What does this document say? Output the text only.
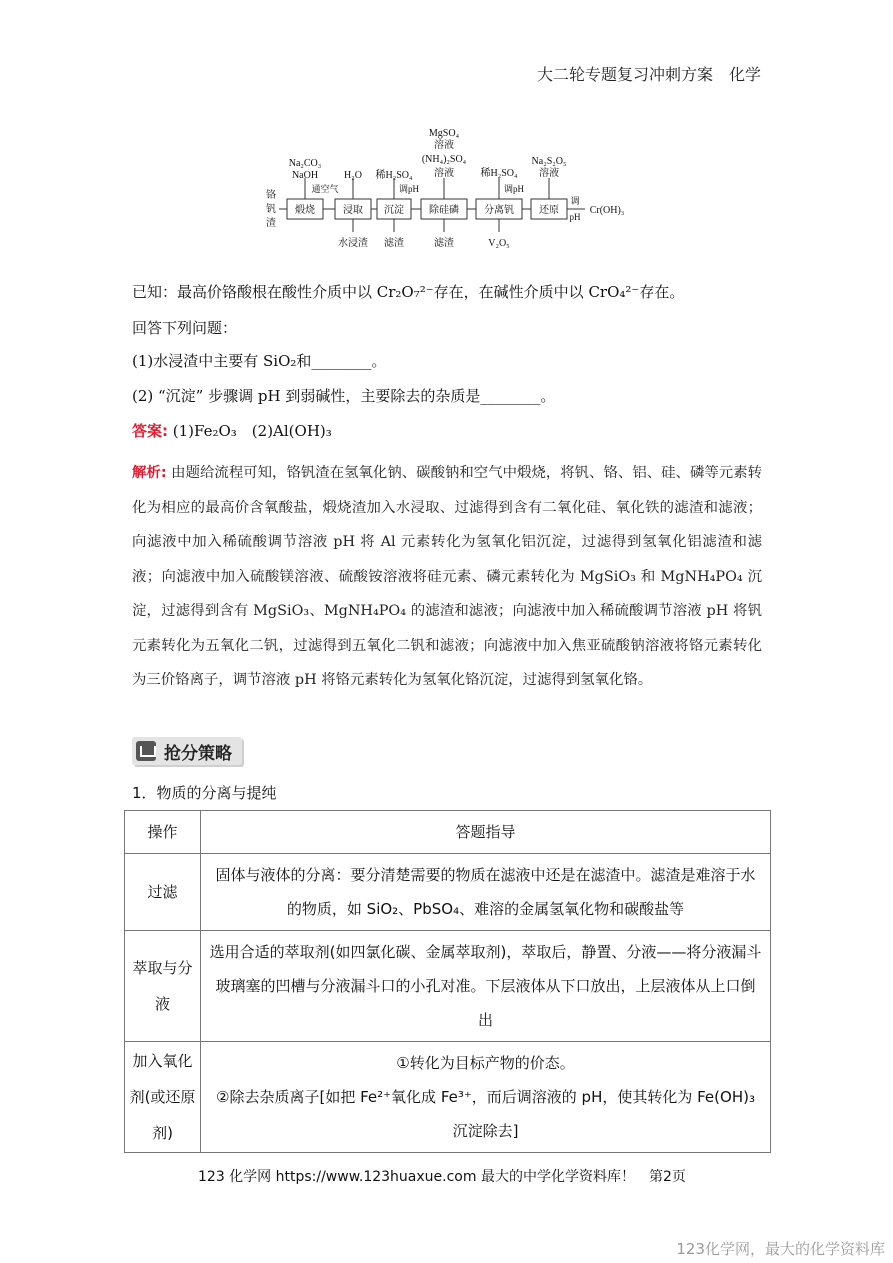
大二轮专题复习冲刺方案　化学
铬
钒
渣
煅烧	浸取 沉淀	除硅磷	分离钒	还原
Na₂CO₃
NaOH
通空气
H₂O 稀H₂SO₄
调pH
MgSO₄
溶液
(NH₄)₂SO₄
溶液	稀H₂SO₄
调pH
Na₂S₂O₅
溶液
调
pH
Cr(OH)₃
水浸渣 滤渣	滤渣	V₂O₅
已知：最高价铬酸根在酸性介质中以 Cr₂O₇²⁻存在，在碱性介质中以 CrO₄²⁻存在。
回答下列问题：
(1)水浸渣中主要有 SiO₂和________。
(2) “沉淀” 步骤调 pH 到弱碱性，主要除去的杂质是________。
答案: (1)Fe₂O₃　(2)Al(OH)₃
解析: 由题给流程可知，铬钒渣在氢氧化钠、碳酸钠和空气中煅烧，将钒、铬、铝、硅、磷等元素转化为相应的最高价含氧酸盐，煅烧渣加入水浸取、过滤得到含有二氧化硅、氧化铁的滤渣和滤液；向滤液中加入稀硫酸调节溶液 pH 将 Al 元素转化为氢氧化铝沉淀，过滤得到氢氧化铝滤渣和滤液；向滤液中加入硫酸镁溶液、硫酸铵溶液将硅元素、磷元素转化为 MgSiO₃ 和 MgNH₄PO₄ 沉淀，过滤得到含有 MgSiO₃、MgNH₄PO₄ 的滤渣和滤液；向滤液中加入稀硫酸调节溶液 pH 将钒元素转化为五氧化二钒，过滤得到五氧化二钒和滤液；向滤液中加入焦亚硫酸钠溶液将铬元素转化为三价铬离子，调节溶液 pH 将铬元素转化为氢氧化铬沉淀，过滤得到氢氧化铬。
抢分策略
1．物质的分离与提纯
操作	答题指导
过滤	固体与液体的分离：要分清楚需要的物质在滤液中还是在滤渣中。滤渣是难溶于水的物质，如 SiO₂、PbSO₄、难溶的金属氢氧化物和碳酸盐等
萃取与分液	选用合适的萃取剂(如四氯化碳、金属萃取剂)，萃取后，静置、分液——将分液漏斗玻璃塞的凹槽与分液漏斗口的小孔对准。下层液体从下口放出，上层液体从上口倒出
加入氧化剂(或还原剂)	①转化为目标产物的价态。
②除去杂质离子[如把 Fe²⁺氧化成 Fe³⁺，而后调溶液的 pH，使其转化为 Fe(OH)₃沉淀除去]
123 化学网 https://www.123huaxue.com 最大的中学化学资料库！　第2页
123化学网，最大的化学资料库
